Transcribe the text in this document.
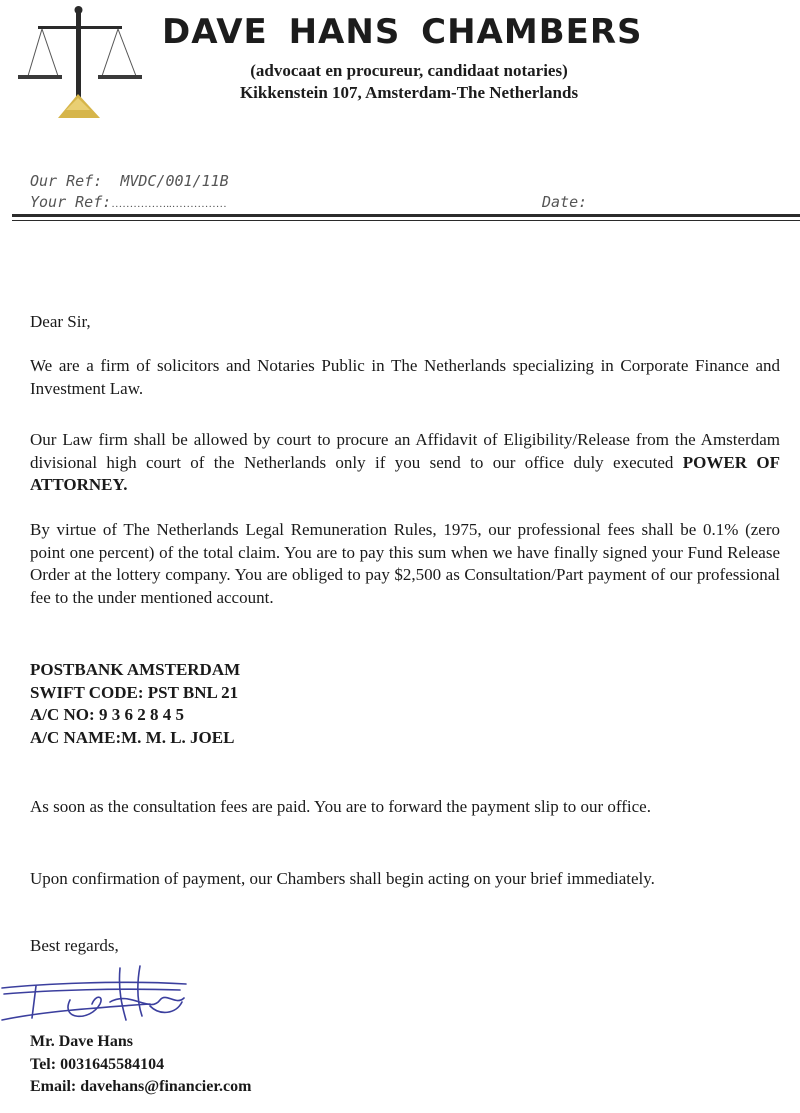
DAVE HANS CHAMBERS
(advocaat en procureur, candidaat notaries)
Kikkenstein 107, Amsterdam-The Netherlands
Our Ref: MVDC/001/11B
Your Ref:……………..……………	Date:
Dear Sir,
We are a firm of solicitors and Notaries Public in The Netherlands specializing in Corporate Finance and Investment Law.
Our Law firm shall be allowed by court to procure an Affidavit of Eligibility/Release from the Amsterdam divisional high court of the Netherlands only if you send to our office duly executed POWER OF ATTORNEY.
By virtue of The Netherlands Legal Remuneration Rules, 1975, our professional fees shall be 0.1% (zero point one percent) of the total claim. You are to pay this sum when we have finally signed your Fund Release Order at the lottery company. You are obliged to pay $2,500 as Consultation/Part payment of our professional fee to the under mentioned account.
POSTBANK AMSTERDAM
SWIFT CODE: PST BNL 21
A/C NO: 9 3 6 2 8 4 5
A/C NAME:M. M. L. JOEL
As soon as the consultation fees are paid. You are to forward the payment slip to our office.
Upon confirmation of payment, our Chambers shall begin acting on your brief immediately.
Best regards,
Mr. Dave Hans
Tel: 0031645584104
Email: davehans@financier.com
